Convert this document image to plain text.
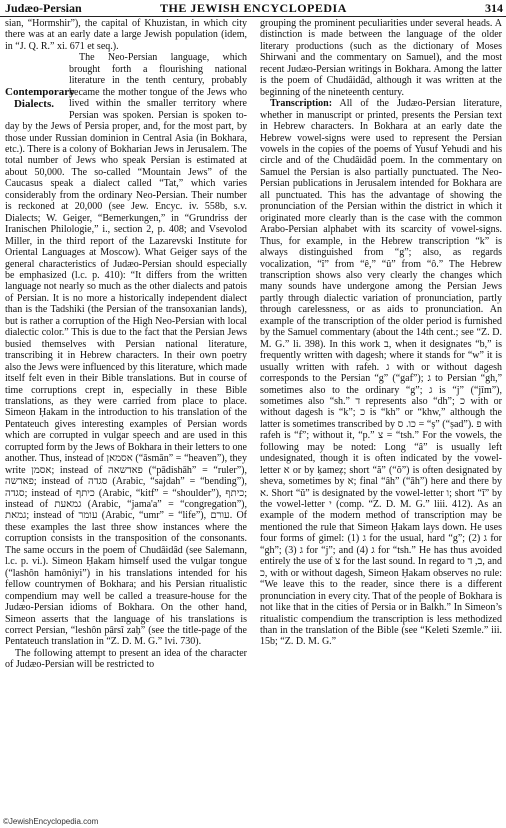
Judæo-Persian	THE JEWISH ENCYCLOPEDIA	314

sian, “Hormshir”), the capital of Khuzistan, in which city there was at an early date a large Jewish population (idem, in “J. Q. R.” xi. 671 et seq.).

Contemporary Dialects.

The Neo-Persian language, which brought forth a flourishing national literature in the tenth century, probably became the mother tongue of the Jews who lived within the smaller territory where Persian was spoken. Persian is spoken to-day by the Jews of Persia proper, and, for the most part, by those under Russian dominion in Central Asia (in Bokhara, etc.). There is a colony of Bokharian Jews in Jerusalem. The total number of Jews who speak Persian is estimated at about 50,000. The so-called “Mountain Jews” of the Caucasus speak a dialect called “Tat,” which varies considerably from the ordinary Neo-Persian. Their number is reckoned at 20,000 (see Jew. Encyc. iv. 558b, s.v. Dialects; W. Geiger, “Bemerkungen,” in “Grundriss der Iranischen Philologie,” i., section 2, p. 408; and Vsevolod Miller, in the third report of the Lazarevski Institute for Oriental Languages at Moscow). What Geiger says of the general characteristics of Judæo-Persian should especially be emphasized (l.c. p. 410): “It differs from the written language not nearly so much as the other dialects and patois of Persian. It is no more a historically independent dialect than is the Tadshiki (the Persian of the transoxanian lands), but is rather a corruption of the High Neo-Persian with local dialectic color.” This is due to the fact that the Persian Jews busied themselves with Persian national literature, transcribing it in Hebrew characters. In their own poetry also the Jews were influenced by this literature, which made itself felt even in their Bible translations. But in course of time corruptions crept in, especially in these Bible translations, as they were carried from place to place. Simeon Ḥakam in the introduction to his translation of the Pentateuch gives interesting examples of Persian words which are corrupted in vulgar speech and are used in this corrupted form by the Jews of Bokhara in their letters to one another. Thus, instead of אסמאן (“āsmān” = “heaven”), they write אסמן; instead of פאדשאה (“pādishāh” = “ruler”), פאדשה; instead of סגדה (Arabic, “sajdah” = “bending”), סגדה; instead of כיתף (Arabic, “kitf” = “shoulder”), כיתף; instead of גמאעת (Arabic, “jama'a” = “congregation”), גמאת; instead of עומר (Arabic, “umr” = “life”), עורם. Of these examples the last three show instances where the corruption consists in the transposition of the consonants. The same occurs in the poem of Chudâidâd (see Salemann, l.c. p. vi.). Simeon Ḥakam himself used the vulgar tongue (“lashôn hamôniyi”) in his translations intended for his fellow countrymen of Bokhara; and his Persian ritualistic compendium may well be called a treasure-house for the Judæo-Persian idioms of Bokhara. On the other hand, Simeon asserts that the language of his translations is correct Persian, “leshôn pârsî zaḥ” (see the title-page of the Pentateuch translation in “Z. D. M. G.” lvi. 730).

The following attempt to present an idea of the character of Judæo-Persian will be restricted to

grouping the prominent peculiarities under several heads. A distinction is made between the language of the older literary productions (such as the dictionary of Moses Shirwani and the commentary on Samuel), and the most recent Judæo-Persian writings in Bokhara. Among the latter is the poem of Chudâidâd, although it was written at the beginning of the nineteenth century.

Transcription: All of the Judæo-Persian literature, whether in manuscript or printed, presents the Persian text in Hebrew characters. In Bokhara at an early date the Hebrew vowel-signs were used to represent the Persian vowels in the copies of the poems of Yusuf Yehudi and his circle and of the Chudâidâd poem. In the commentary on Samuel the Persian is also partially punctuated. The Neo-Persian publications in Jerusalem intended for Bokhara are all punctuated. This has the advantage of showing the pronunciation of the Persian within the district in which it originated more clearly than is the case with the common Arabo-Persian alphabet with its scarcity of vowel-signs. Thus, for example, in the Hebrew transcription “k” is always distinguished from “g”; also, as regards vocalization, “î” from “ê,” “û” from “ô.” The Hebrew transcription shows also very clearly the changes which many sounds have undergone among the Persian Jews partly through dialectic variation of pronunciation, partly through carelessness, or as aids to pronunciation. An example of the transcription of the older period is furnished by the Samuel commentary (about the 14th cent.; see “Z. D. M. G.” li. 398). In this work ב, when it designates “b,” is frequently written with dagesh; where it stands for “w” it is usually written with rafeh. ג with or without dagesh corresponds to the Persian “g” (“gaf”); ג to Persian “gh,” sometimes also to the ordinary “g”; ג is “j” (“jîm”), sometimes also “sh.” ד represents also “dh”; כ with or without dagesh is “k”; כ is “kh” or “khw,” although the latter is sometimes transcribed by כו. ס = “ṣ” (“ṣad”). פ with rafeh is “f”; without it, “p.” צ = “tsh.” For the vowels, the following may be noted: Long “â” is usually left undesignated, though it is often indicated by the vowel-letter א or by ḳameẓ; short “ă” (“ŏ”) is often designated by sheva, sometimes by א; final “âh” (“ăh”) here and there by א. Short “ŭ” is designated by the vowel-letter ו; short “ĭ” by the vowel-letter י (comp. “Z. D. M. G.” liii. 412). As an example of the modern method of transcription may be mentioned the rule that Simeon Ḥakam lays down. He uses four forms of gimel: (1) ג for the usual, hard “g”; (2) ג for “gh”; (3) ג for “j”; and (4) ג for “tsh.” He has thus avoided entirely the use of צ for the last sound. In regard to ב, ד, and כ, with or without dagesh, Simeon Ḥakam observes no rule: “We leave this to the reader, since there is a different pronunciation in every city. That of the people of Bokhara is not like that in the cities of Persia or in Balkh.” In Simeon’s ritualistic compendium the transcription is less methodized than in the translation of the Bible (see “Keleti Szemle.” iii. 15b; “Z. D. M. G.”

©JewishEncyclopedia.com
